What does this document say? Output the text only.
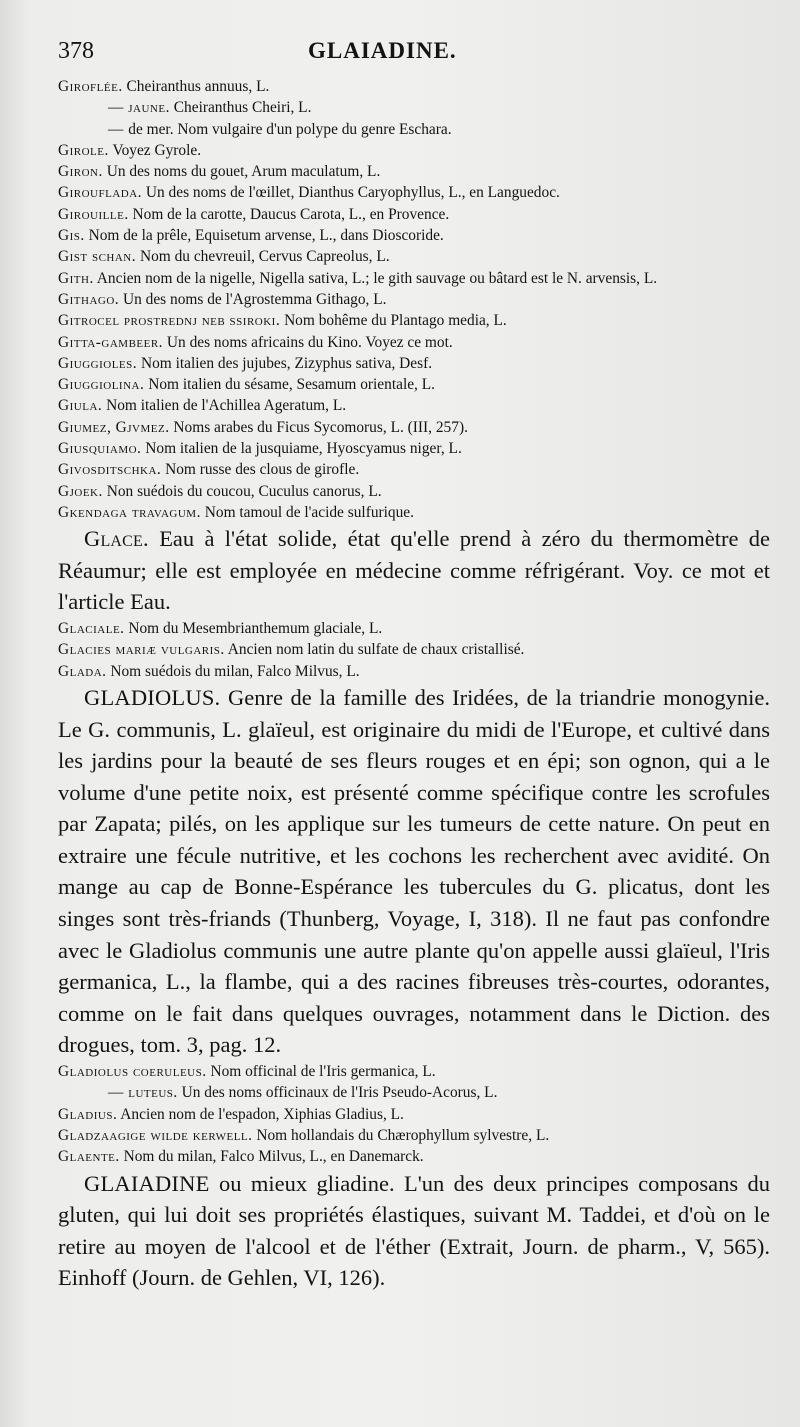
378	GLAIADINE.
Giroflée. Cheiranthus annuus, L.
— jaune. Cheiranthus Cheiri, L.
— de mer. Nom vulgaire d'un polype du genre Eschara.
Girole. Voyez Gyrole.
Giron. Un des noms du gouet, Arum maculatum, L.
Girouflada. Un des noms de l'œillet, Dianthus Caryophyllus, L., en Languedoc.
Girouille. Nom de la carotte, Daucus Carota, L., en Provence.
Gis. Nom de la prêle, Equisetum arvense, L., dans Dioscoride.
Gist schan. Nom du chevreuil, Cervus Capreolus, L.
Gith. Ancien nom de la nigelle, Nigella sativa, L.; le gith sauvage ou bâtard est le N. arvensis, L.
Githago. Un des noms de l'Agrostemma Githago, L.
Gitrocel prostrednj neb ssiroki. Nom bohême du Plantago media, L.
Gitta-gambeer. Un des noms africains du Kino. Voyez ce mot.
Giuggioles. Nom italien des jujubes, Zizyphus sativa, Desf.
Giuggiolina. Nom italien du sésame, Sesamum orientale, L.
Giula. Nom italien de l'Achillea Ageratum, L.
Giumez, Gjvmez. Noms arabes du Ficus Sycomorus, L. (III, 257).
Giusquiamo. Nom italien de la jusquiame, Hyoscyamus niger, L.
Givosditschka. Nom russe des clous de girofle.
Gjoek. Non suédois du coucou, Cuculus canorus, L.
Gkendaga travagum. Nom tamoul de l'acide sulfurique.

Glace. Eau à l'état solide, état qu'elle prend à zéro du thermomètre de Réaumur; elle est employée en médecine comme réfrigérant. Voy. ce mot et l'article Eau.

Glaciale. Nom du Mesembrianthemum glaciale, L.
Glacies mariæ vulgaris. Ancien nom latin du sulfate de chaux cristallisé.
Glada. Nom suédois du milan, Falco Milvus, L.

GLADIOLUS. Genre de la famille des Iridées, de la triandrie monogynie. Le G. communis, L. glaïeul, est originaire du midi de l'Europe, et cultivé dans les jardins pour la beauté de ses fleurs rouges et en épi; son ognon, qui a le volume d'une petite noix, est présenté comme spécifique contre les scrofules par Zapata; pilés, on les applique sur les tumeurs de cette nature. On peut en extraire une fécule nutritive, et les cochons les recherchent avec avidité. On mange au cap de Bonne-Espérance les tubercules du G. plicatus, dont les singes sont très-friands (Thunberg, Voyage, I, 318). Il ne faut pas confondre avec le Gladiolus communis une autre plante qu'on appelle aussi glaïeul, l'Iris germanica, L., la flambe, qui a des racines fibreuses très-courtes, odorantes, comme on le fait dans quelques ouvrages, notamment dans le Diction. des drogues, tom. 3, pag. 12.

Gladiolus coeruleus. Nom officinal de l'Iris germanica, L.
— luteus. Un des noms officinaux de l'Iris Pseudo-Acorus, L.
Gladius. Ancien nom de l'espadon, Xiphias Gladius, L.
Gladzaagige wilde kerwell. Nom hollandais du Chærophyllum sylvestre, L.
Glaente. Nom du milan, Falco Milvus, L., en Danemarck.

GLAIADINE ou mieux gliadine. L'un des deux principes composans du gluten, qui lui doit ses propriétés élastiques, suivant M. Taddei, et d'où on le retire au moyen de l'alcool et de l'éther (Extrait, Journ. de pharm., V, 565). Einhoff (Journ. de Gehlen, VI, 126).
